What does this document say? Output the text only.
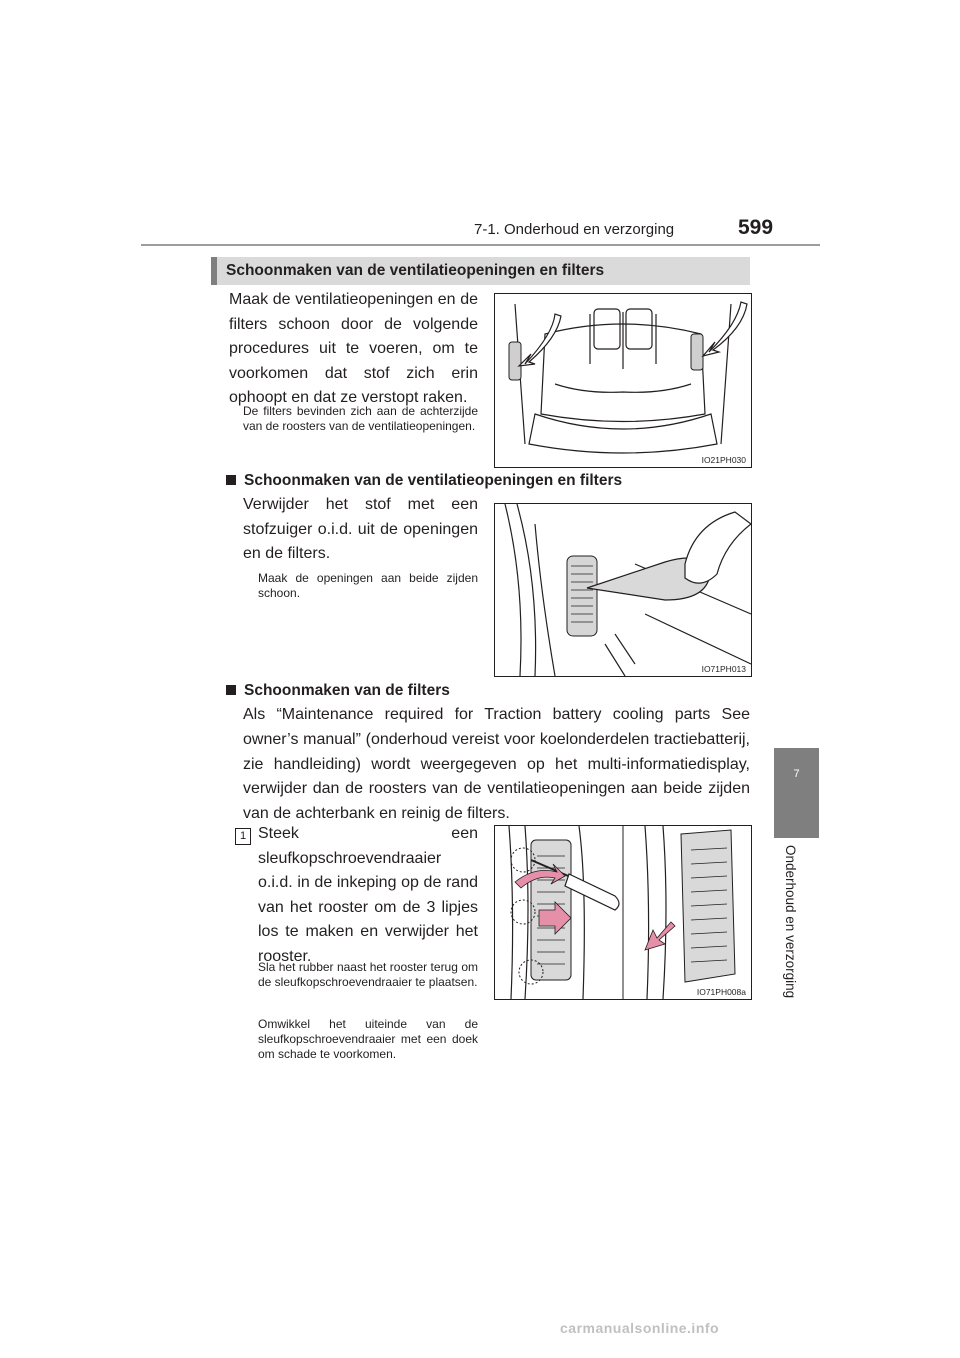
7-1. Onderhoud en verzorging	599
7
Onderhoud en verzorging
Schoonmaken van de ventilatieopeningen en filters
Maak de ventilatieopeningen en de filters schoon door de volgende procedures uit te voeren, om te voorkomen dat stof zich erin ophoopt en dat ze verstopt raken.
De filters bevinden zich aan de achterzijde van de roosters van de ventilatieopeningen.
IO21PH030
Schoonmaken van de ventilatieopeningen en filters
Verwijder het stof met een stofzuiger o.i.d. uit de openingen en de filters.
Maak de openingen aan beide zijden schoon.
IO71PH013
Schoonmaken van de filters
Als “Maintenance required for Traction battery cooling parts See owner’s manual” (onderhoud vereist voor koelonderdelen tractiebatterij, zie handleiding) wordt weergegeven op het multi-informatiedisplay, verwijder dan de roosters van de ventilatieopeningen aan beide zijden van de achterbank en reinig de filters.
1 Steek een sleufkopschroevendraaier o.i.d. in de inkeping op de rand van het rooster om de 3 lipjes los te maken en verwijder het rooster.
Sla het rubber naast het rooster terug om de sleufkopschroevendraaier te plaatsen.
Omwikkel het uiteinde van de sleufkopschroevendraaier met een doek om schade te voorkomen.
IO71PH008a
carmanualsonline.info
